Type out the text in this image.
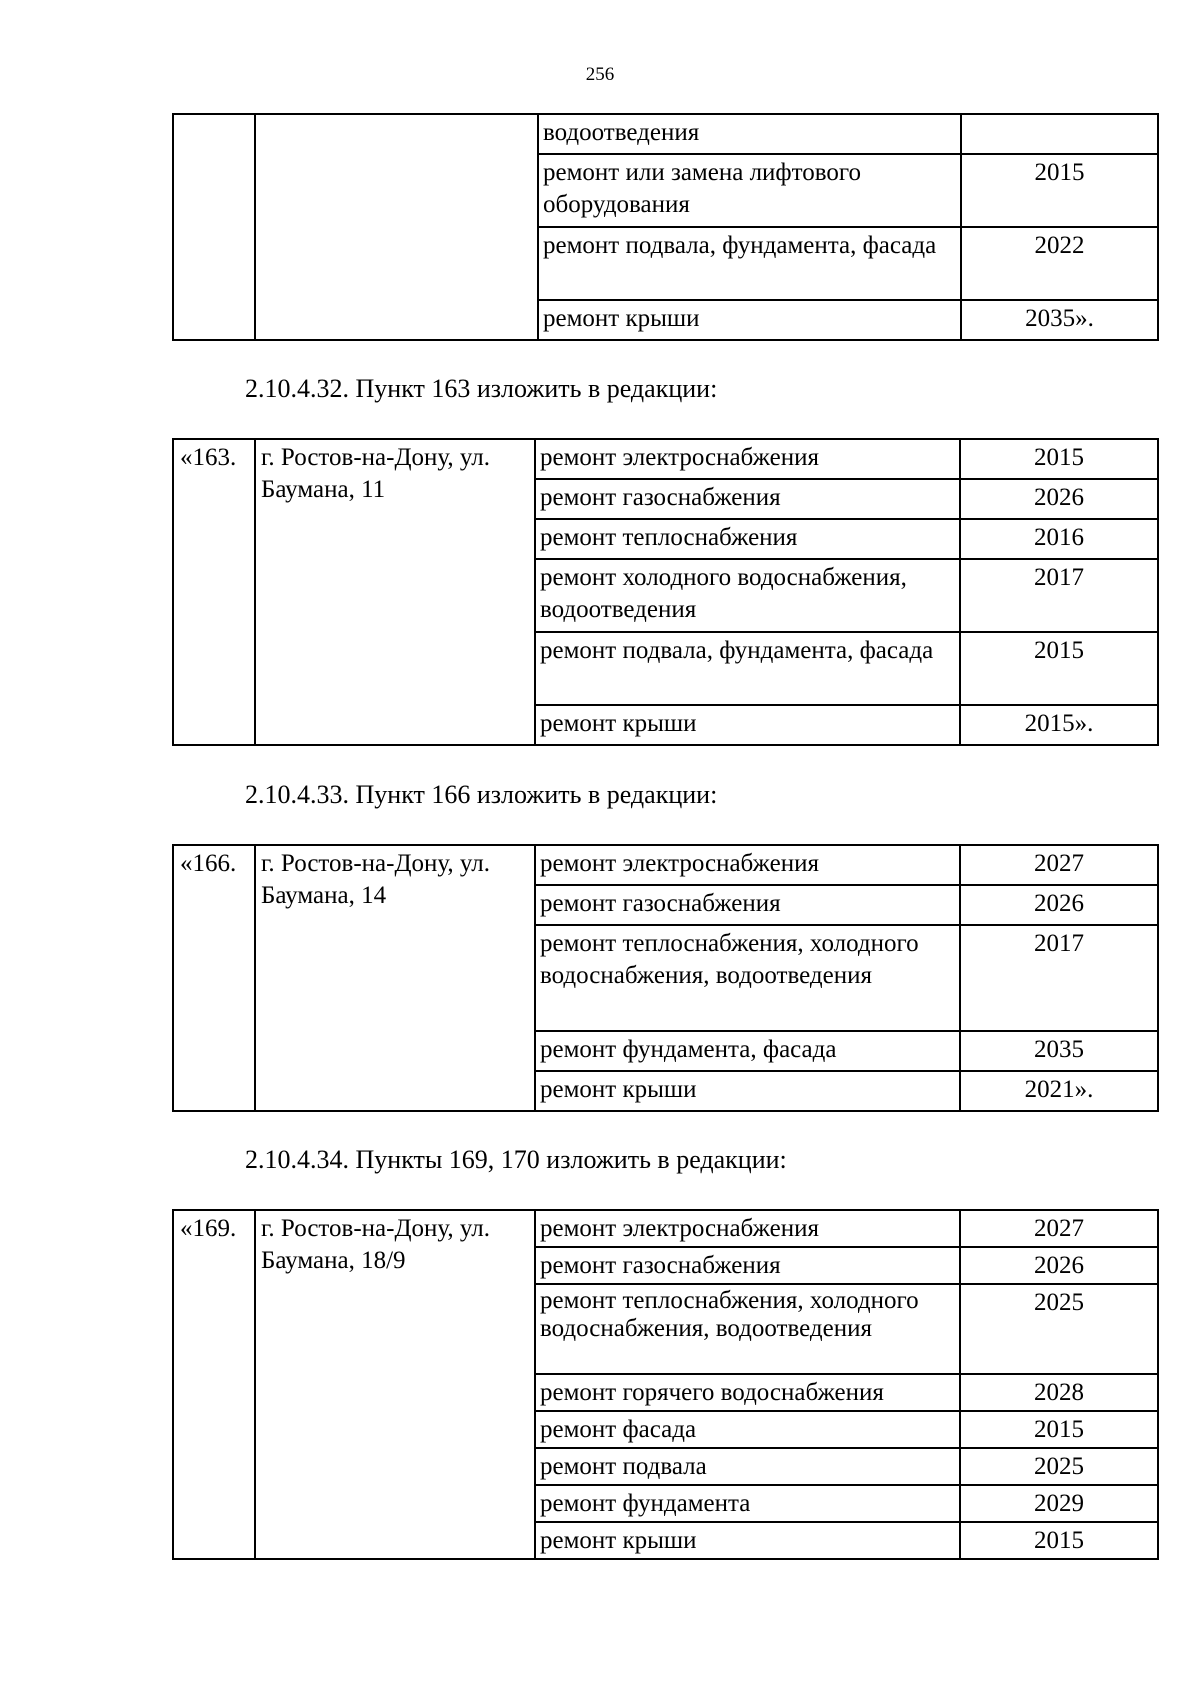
256
		водоотведения	
		ремонт или замена лифтового оборудования	2015
		ремонт подвала, фундамента, фасада	2022
		ремонт крыши	2035».
2.10.4.32. Пункт 163 изложить в редакции:
«163.	г. Ростов-на-Дону, ул. Баумана, 11	ремонт электроснабжения	2015
		ремонт газоснабжения	2026
		ремонт теплоснабжения	2016
		ремонт холодного водоснабжения, водоотведения	2017
		ремонт подвала, фундамента, фасада	2015
		ремонт крыши	2015».
2.10.4.33. Пункт 166 изложить в редакции:
«166.	г. Ростов-на-Дону, ул. Баумана, 14	ремонт электроснабжения	2027
		ремонт газоснабжения	2026
		ремонт теплоснабжения, холодного водоснабжения, водоотведения	2017
		ремонт фундамента, фасада	2035
		ремонт крыши	2021».
2.10.4.34. Пункты 169, 170 изложить в редакции:
«169.	г. Ростов-на-Дону, ул. Баумана, 18/9	ремонт электроснабжения	2027
		ремонт газоснабжения	2026
		ремонт теплоснабжения, холодного водоснабжения, водоотведения	2025
		ремонт горячего водоснабжения	2028
		ремонт фасада	2015
		ремонт подвала	2025
		ремонт фундамента	2029
		ремонт крыши	2015
